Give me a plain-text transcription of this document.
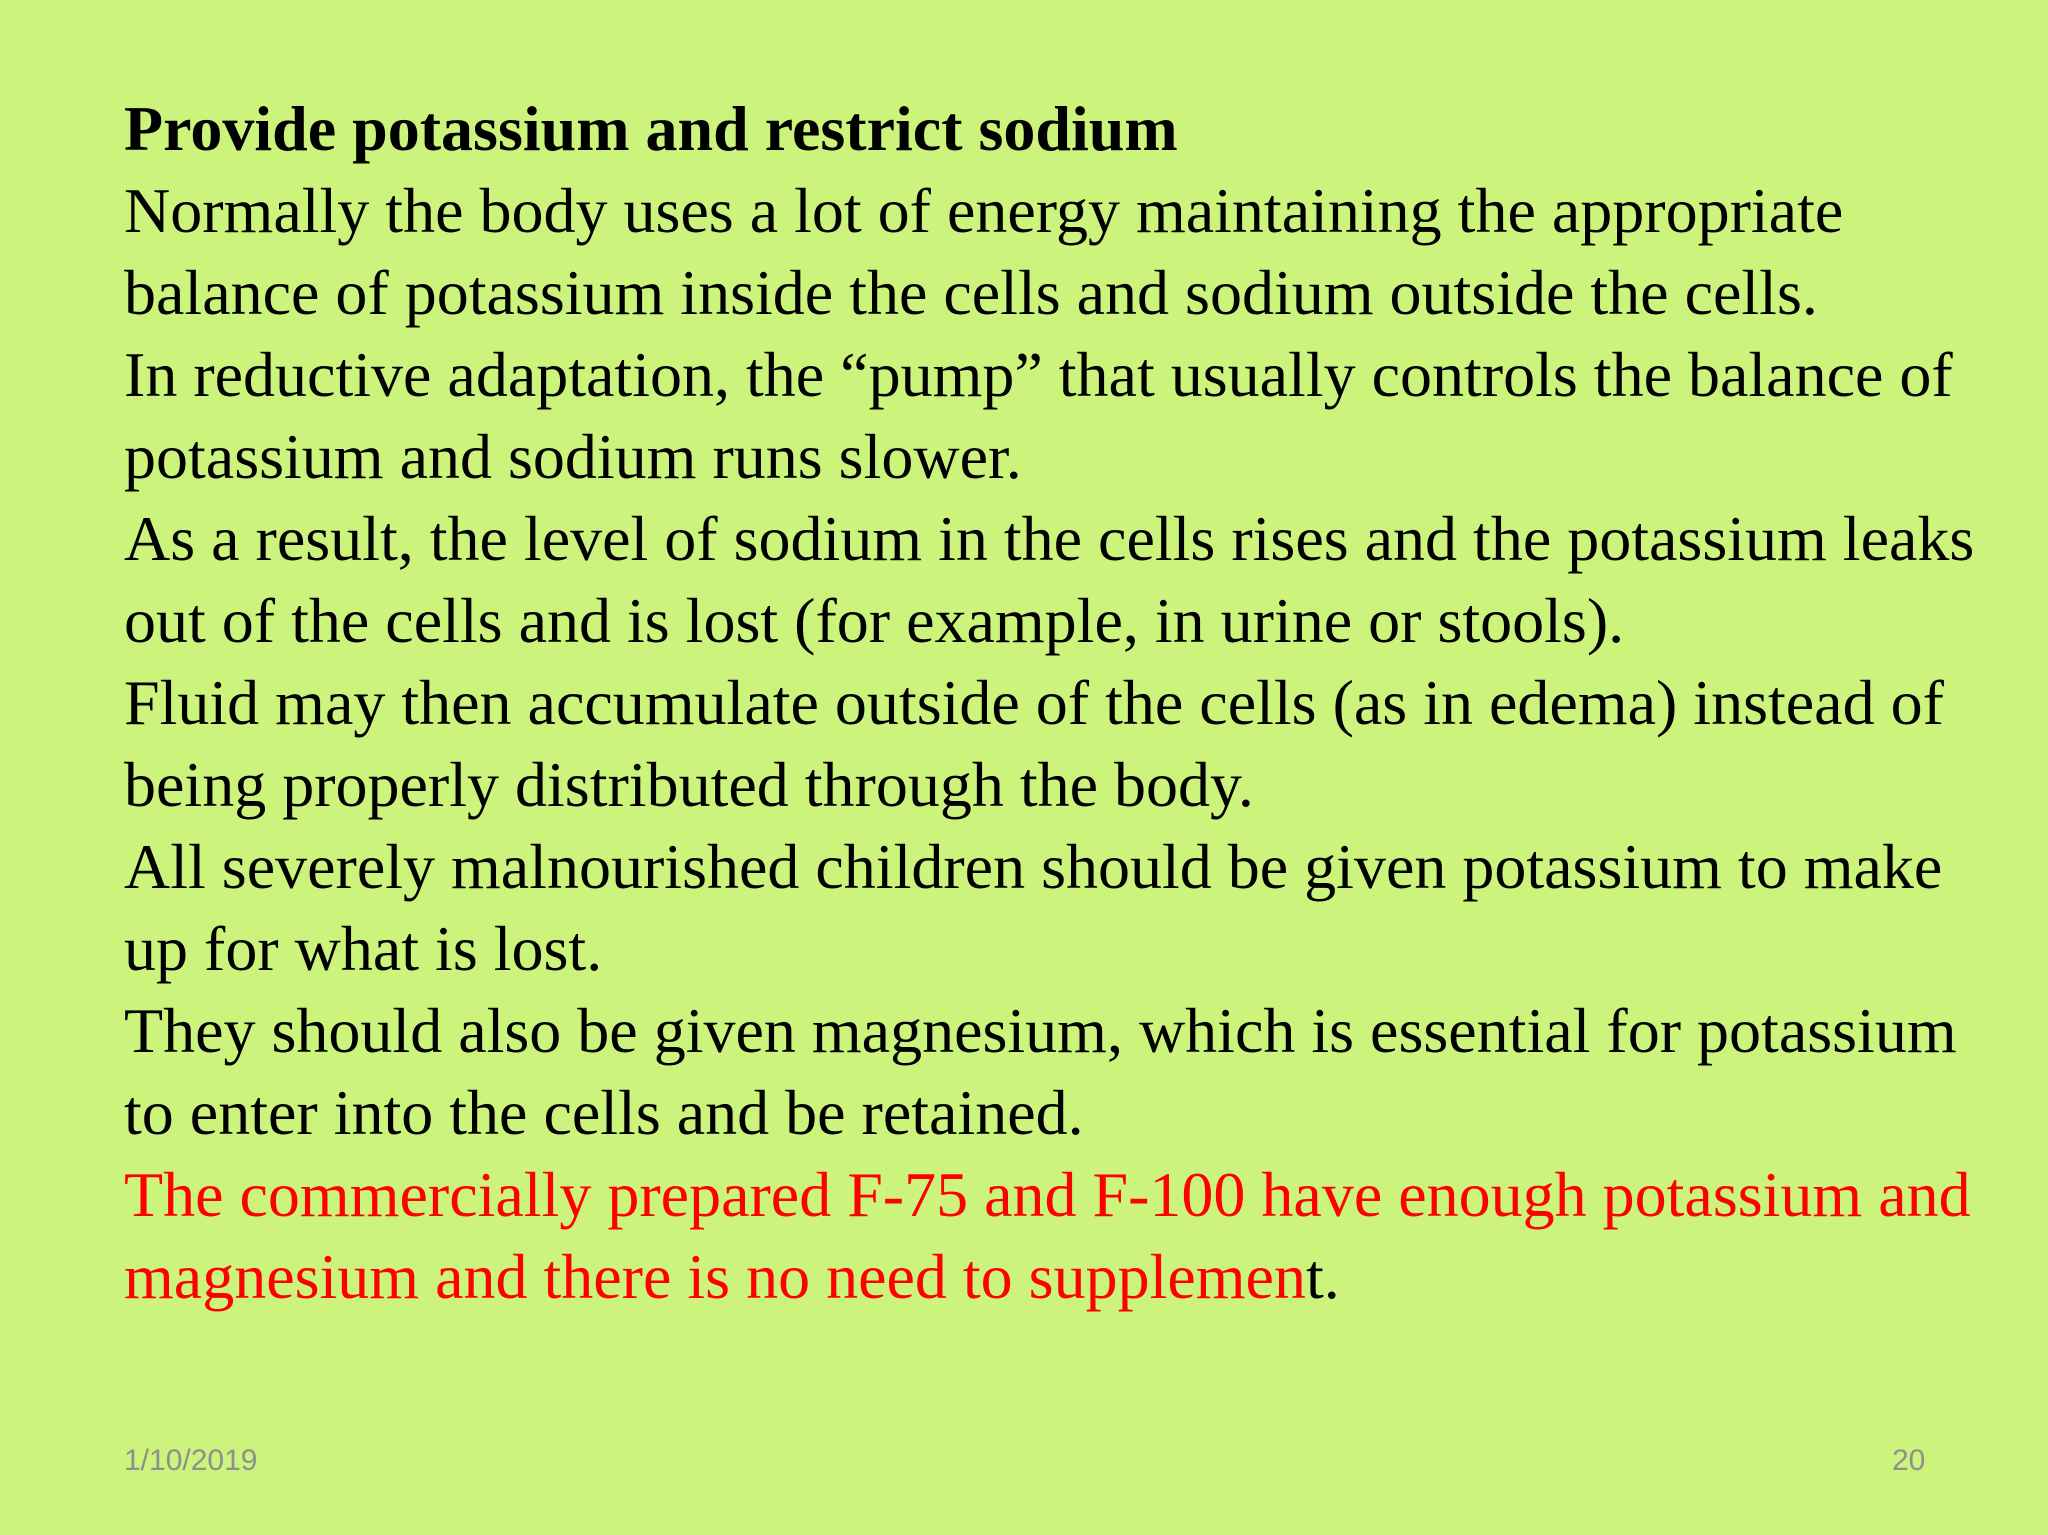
Provide potassium and restrict sodium

Normally the body uses a lot of energy maintaining the appropriate balance of potassium inside the cells and sodium outside the cells.

In reductive adaptation, the “pump” that usually controls the balance of potassium and sodium runs slower.

As a result, the level of sodium in the cells rises and the potassium leaks out of the cells and is lost (for example, in urine or stools).

Fluid may then accumulate outside of the cells (as in edema) instead of being properly distributed through the body.

All severely malnourished children should be given potassium to make up for what is lost.

They should also be given magnesium, which is essential for potassium to enter into the cells and be retained.

The commercially prepared F-75 and F-100 have enough potassium and magnesium and there is no need to supplement.

1/10/2019	20
